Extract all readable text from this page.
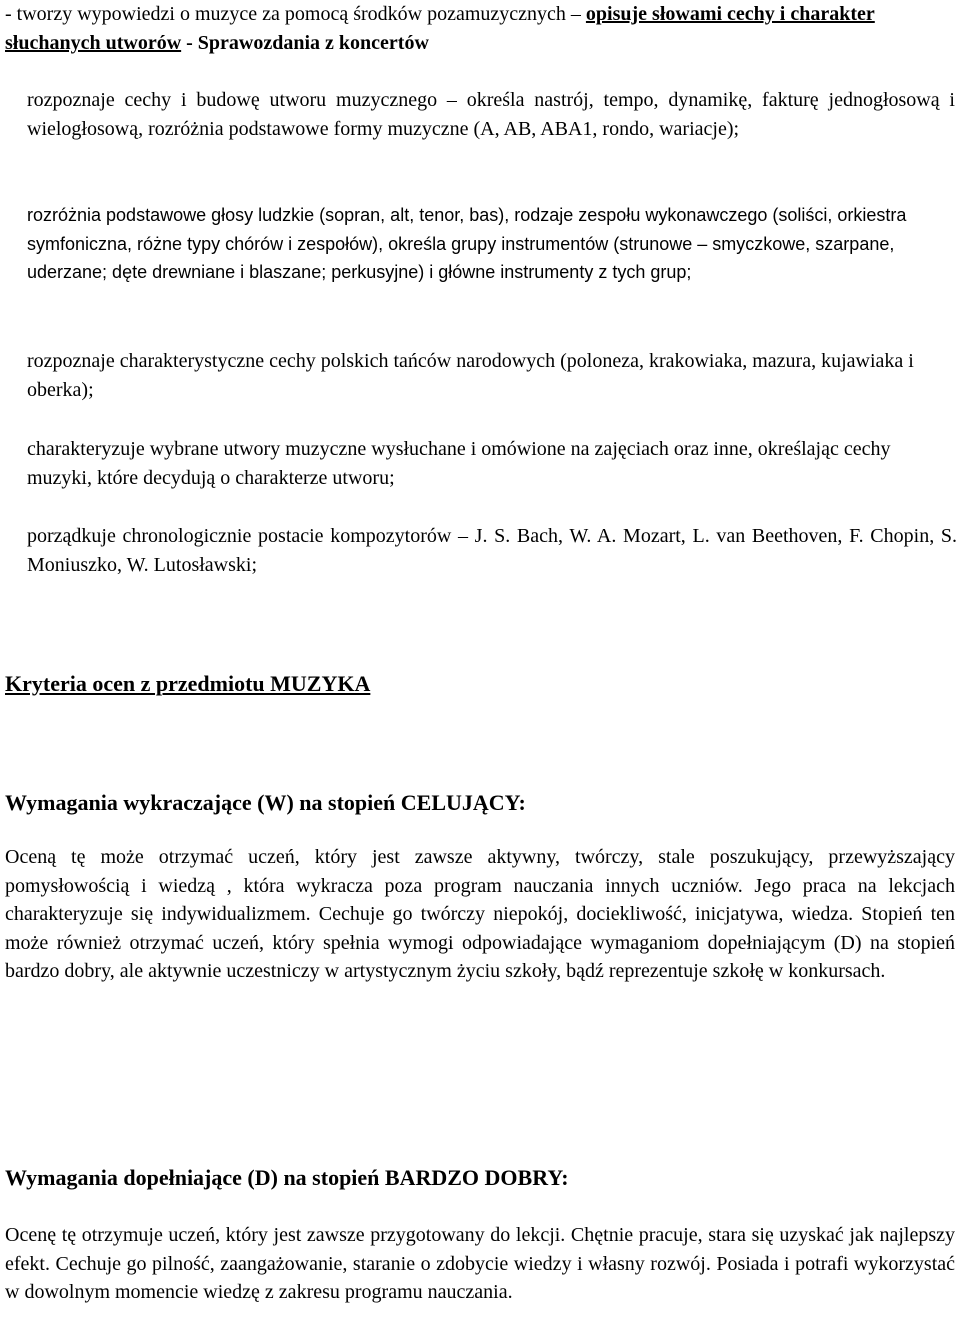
- tworzy wypowiedzi o muzyce za pomocą środków pozamuzycznych – opisuje słowami cechy i charakter słuchanych utworów - Sprawozdania z koncertów
rozpoznaje cechy i budowę utworu muzycznego – określa nastrój, tempo, dynamikę, fakturę jednogłosową i wielogłosową, rozróżnia podstawowe formy muzyczne (A, AB, ABA1, rondo, wariacje);
rozróżnia podstawowe głosy ludzkie (sopran, alt, tenor, bas), rodzaje zespołu wykonawczego (soliści, orkiestra symfoniczna, różne typy chórów i zespołów), określa grupy instrumentów (strunowe – smyczkowe, szarpane, uderzane; dęte drewniane i blaszane; perkusyjne) i główne instrumenty z tych grup;
rozpoznaje charakterystyczne cechy polskich tańców narodowych (poloneza, krakowiaka, mazura, kujawiaka i oberka);
charakteryzuje wybrane utwory muzyczne wysłuchane i omówione na zajęciach oraz inne, określając cechy muzyki, które decydują o charakterze utworu;
porządkuje chronologicznie postacie kompozytorów – J. S. Bach, W. A. Mozart, L. van Beethoven, F. Chopin, S. Moniuszko, W. Lutosławski;
Kryteria ocen z przedmiotu MUZYKA
Wymagania wykraczające (W) na stopień CELUJĄCY:
Oceną tę może otrzymać uczeń, który jest zawsze aktywny, twórczy, stale poszukujący, przewyższający pomysłowością i wiedzą , która wykracza poza program nauczania innych uczniów. Jego praca na lekcjach charakteryzuje się indywidualizmem. Cechuje go twórczy niepokój, dociekliwość, inicjatywa, wiedza. Stopień ten może również otrzymać uczeń, który spełnia wymogi odpowiadające wymaganiom dopełniającym (D) na stopień bardzo dobry, ale aktywnie uczestniczy w artystycznym życiu szkoły, bądź reprezentuje szkołę w konkursach.
Wymagania dopełniające (D) na stopień BARDZO DOBRY:
Ocenę tę otrzymuje uczeń, który jest zawsze przygotowany do lekcji. Chętnie pracuje, stara się uzyskać jak najlepszy efekt. Cechuje go pilność, zaangażowanie, staranie o zdobycie wiedzy i własny rozwój. Posiada i potrafi wykorzystać w dowolnym momencie wiedzę z zakresu programu nauczania.
